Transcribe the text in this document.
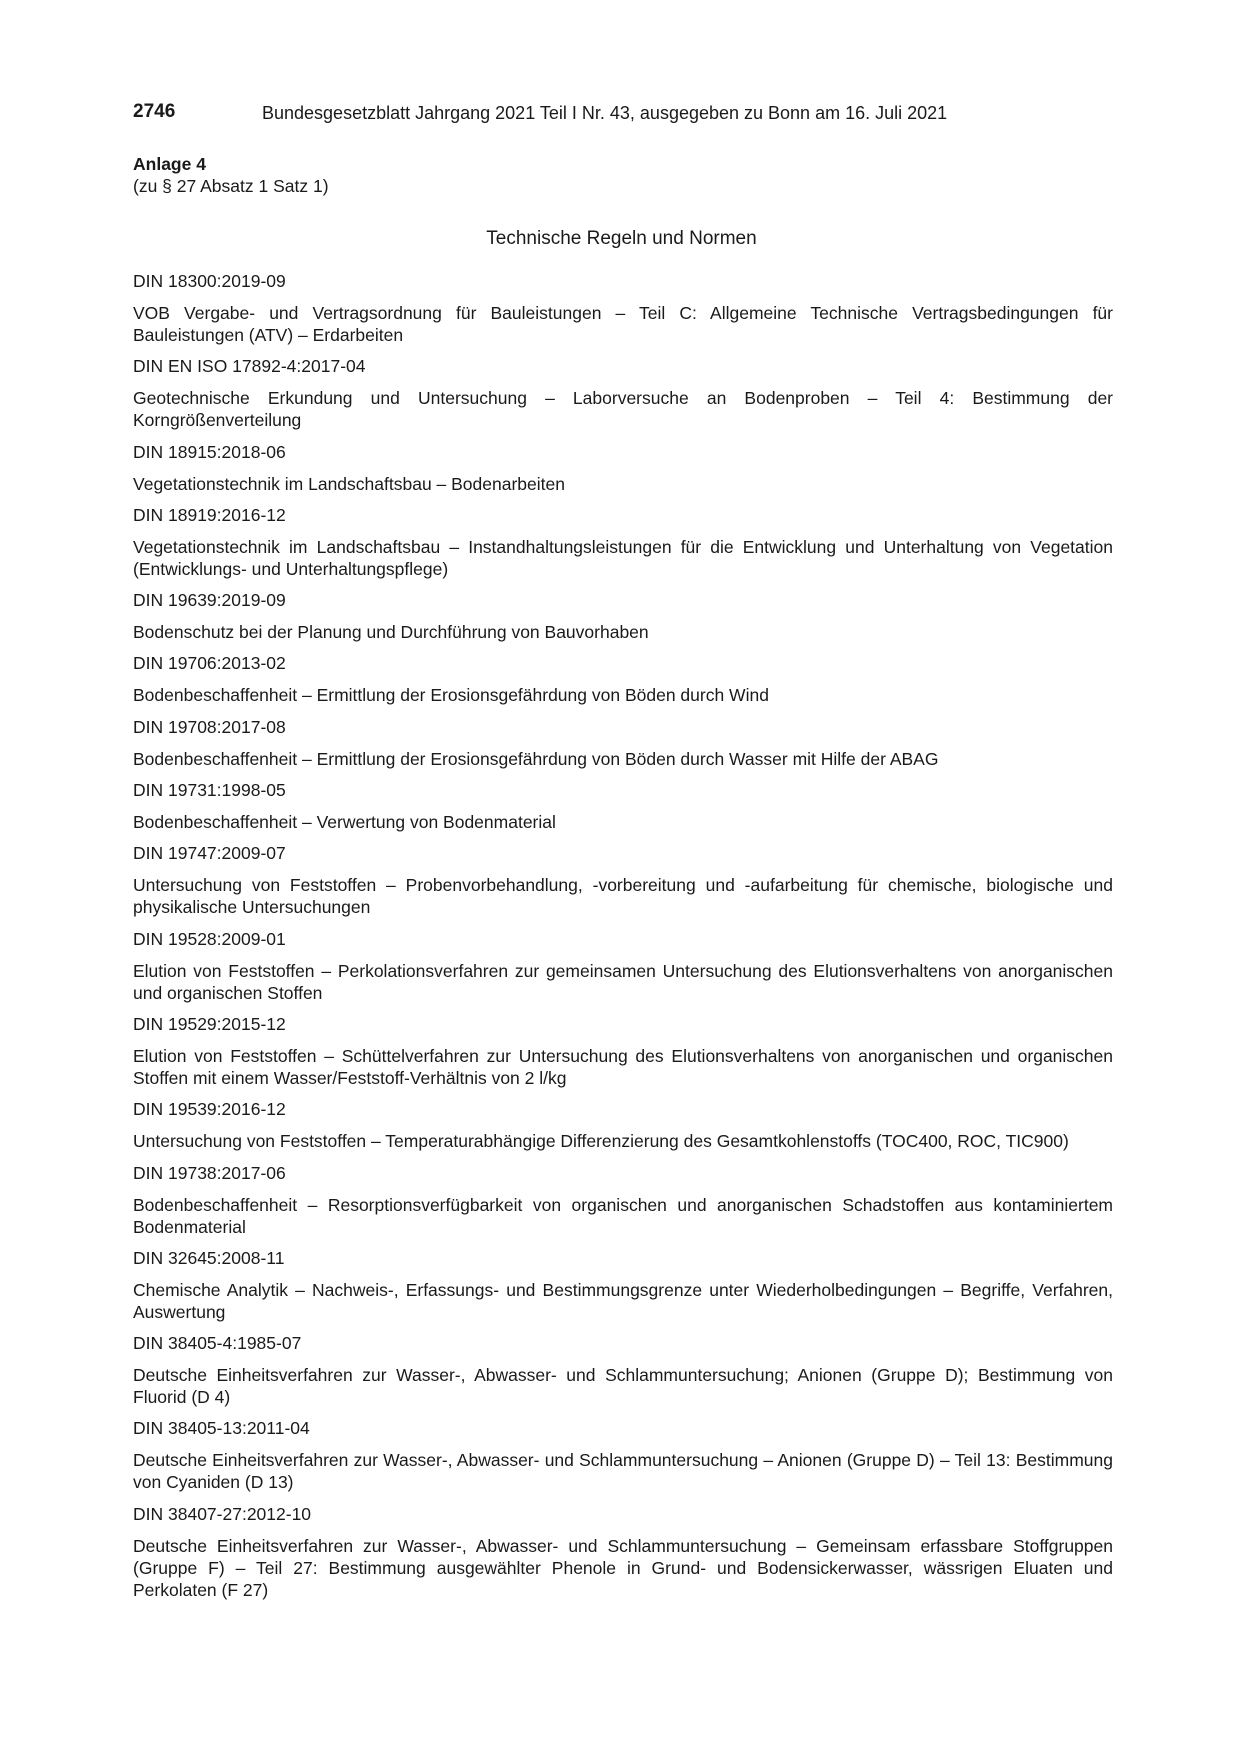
2746	Bundesgesetzblatt Jahrgang 2021 Teil I Nr. 43, ausgegeben zu Bonn am 16. Juli 2021
Anlage 4
(zu § 27 Absatz 1 Satz 1)
Technische Regeln und Normen
DIN 18300:2019-09
VOB Vergabe- und Vertragsordnung für Bauleistungen – Teil C: Allgemeine Technische Vertragsbedingungen für Bauleistungen (ATV) – Erdarbeiten
DIN EN ISO 17892-4:2017-04
Geotechnische Erkundung und Untersuchung – Laborversuche an Bodenproben – Teil 4: Bestimmung der Korngrößenverteilung
DIN 18915:2018-06
Vegetationstechnik im Landschaftsbau – Bodenarbeiten
DIN 18919:2016-12
Vegetationstechnik im Landschaftsbau – Instandhaltungsleistungen für die Entwicklung und Unterhaltung von Vegetation (Entwicklungs- und Unterhaltungspflege)
DIN 19639:2019-09
Bodenschutz bei der Planung und Durchführung von Bauvorhaben
DIN 19706:2013-02
Bodenbeschaffenheit – Ermittlung der Erosionsgefährdung von Böden durch Wind
DIN 19708:2017-08
Bodenbeschaffenheit – Ermittlung der Erosionsgefährdung von Böden durch Wasser mit Hilfe der ABAG
DIN 19731:1998-05
Bodenbeschaffenheit – Verwertung von Bodenmaterial
DIN 19747:2009-07
Untersuchung von Feststoffen – Probenvorbehandlung, -vorbereitung und -aufarbeitung für chemische, biologische und physikalische Untersuchungen
DIN 19528:2009-01
Elution von Feststoffen – Perkolationsverfahren zur gemeinsamen Untersuchung des Elutionsverhaltens von anorganischen und organischen Stoffen
DIN 19529:2015-12
Elution von Feststoffen – Schüttelverfahren zur Untersuchung des Elutionsverhaltens von anorganischen und organischen Stoffen mit einem Wasser/Feststoff-Verhältnis von 2 l/kg
DIN 19539:2016-12
Untersuchung von Feststoffen – Temperaturabhängige Differenzierung des Gesamtkohlenstoffs (TOC400, ROC, TIC900)
DIN 19738:2017-06
Bodenbeschaffenheit – Resorptionsverfügbarkeit von organischen und anorganischen Schadstoffen aus kontaminiertem Bodenmaterial
DIN 32645:2008-11
Chemische Analytik – Nachweis-, Erfassungs- und Bestimmungsgrenze unter Wiederholbedingungen – Begriffe, Verfahren, Auswertung
DIN 38405-4:1985-07
Deutsche Einheitsverfahren zur Wasser-, Abwasser- und Schlammuntersuchung; Anionen (Gruppe D); Bestimmung von Fluorid (D 4)
DIN 38405-13:2011-04
Deutsche Einheitsverfahren zur Wasser-, Abwasser- und Schlammuntersuchung – Anionen (Gruppe D) – Teil 13: Bestimmung von Cyaniden (D 13)
DIN 38407-27:2012-10
Deutsche Einheitsverfahren zur Wasser-, Abwasser- und Schlammuntersuchung – Gemeinsam erfassbare Stoffgruppen (Gruppe F) – Teil 27: Bestimmung ausgewählter Phenole in Grund- und Bodensickerwasser, wässrigen Eluaten und Perkolaten (F 27)
